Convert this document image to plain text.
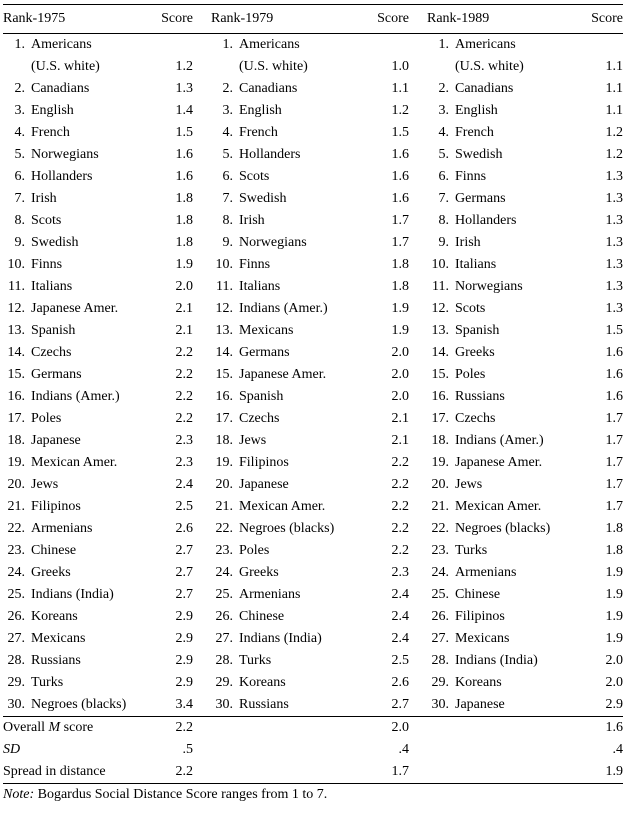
Rank-1975		Score		Rank-1979		Score		Rank-1989		Score
1.	Americans			1.	Americans			1.	Americans	
	(U.S. white)	1.2			(U.S. white)	1.0			(U.S. white)	1.1
2.	Canadians	1.3		2.	Canadians	1.1		2.	Canadians	1.1
3.	English	1.4		3.	English	1.2		3.	English	1.1
4.	French	1.5		4.	French	1.5		4.	French	1.2
5.	Norwegians	1.6		5.	Hollanders	1.6		5.	Swedish	1.2
6.	Hollanders	1.6		6.	Scots	1.6		6.	Finns	1.3
7.	Irish	1.8		7.	Swedish	1.6		7.	Germans	1.3
8.	Scots	1.8		8.	Irish	1.7		8.	Hollanders	1.3
9.	Swedish	1.8		9.	Norwegians	1.7		9.	Irish	1.3
10.	Finns	1.9		10.	Finns	1.8		10.	Italians	1.3
11.	Italians	2.0		11.	Italians	1.8		11.	Norwegians	1.3
12.	Japanese Amer.	2.1		12.	Indians (Amer.)	1.9		12.	Scots	1.3
13.	Spanish	2.1		13.	Mexicans	1.9		13.	Spanish	1.5
14.	Czechs	2.2		14.	Germans	2.0		14.	Greeks	1.6
15.	Germans	2.2		15.	Japanese Amer.	2.0		15.	Poles	1.6
16.	Indians (Amer.)	2.2		16.	Spanish	2.0		16.	Russians	1.6
17.	Poles	2.2		17.	Czechs	2.1		17.	Czechs	1.7
18.	Japanese	2.3		18.	Jews	2.1		18.	Indians (Amer.)	1.7
19.	Mexican Amer.	2.3		19.	Filipinos	2.2		19.	Japanese Amer.	1.7
20.	Jews	2.4		20.	Japanese	2.2		20.	Jews	1.7
21.	Filipinos	2.5		21.	Mexican Amer.	2.2		21.	Mexican Amer.	1.7
22.	Armenians	2.6		22.	Negroes (blacks)	2.2		22.	Negroes (blacks)	1.8
23.	Chinese	2.7		23.	Poles	2.2		23.	Turks	1.8
24.	Greeks	2.7		24.	Greeks	2.3		24.	Armenians	1.9
25.	Indians (India)	2.7		25.	Armenians	2.4		25.	Chinese	1.9
26.	Koreans	2.9		26.	Chinese	2.4		26.	Filipinos	1.9
27.	Mexicans	2.9		27.	Indians (India)	2.4		27.	Mexicans	1.9
28.	Russians	2.9		28.	Turks	2.5		28.	Indians (India)	2.0
29.	Turks	2.9		29.	Koreans	2.6		29.	Koreans	2.0
30.	Negroes (blacks)	3.4		30.	Russians	2.7		30.	Japanese	2.9
Overall M score		2.2				2.0				1.6
SD		.5				.4				.4
Spread in distance		2.2				1.7				1.9
Note: Bogardus Social Distance Score ranges from 1 to 7.
